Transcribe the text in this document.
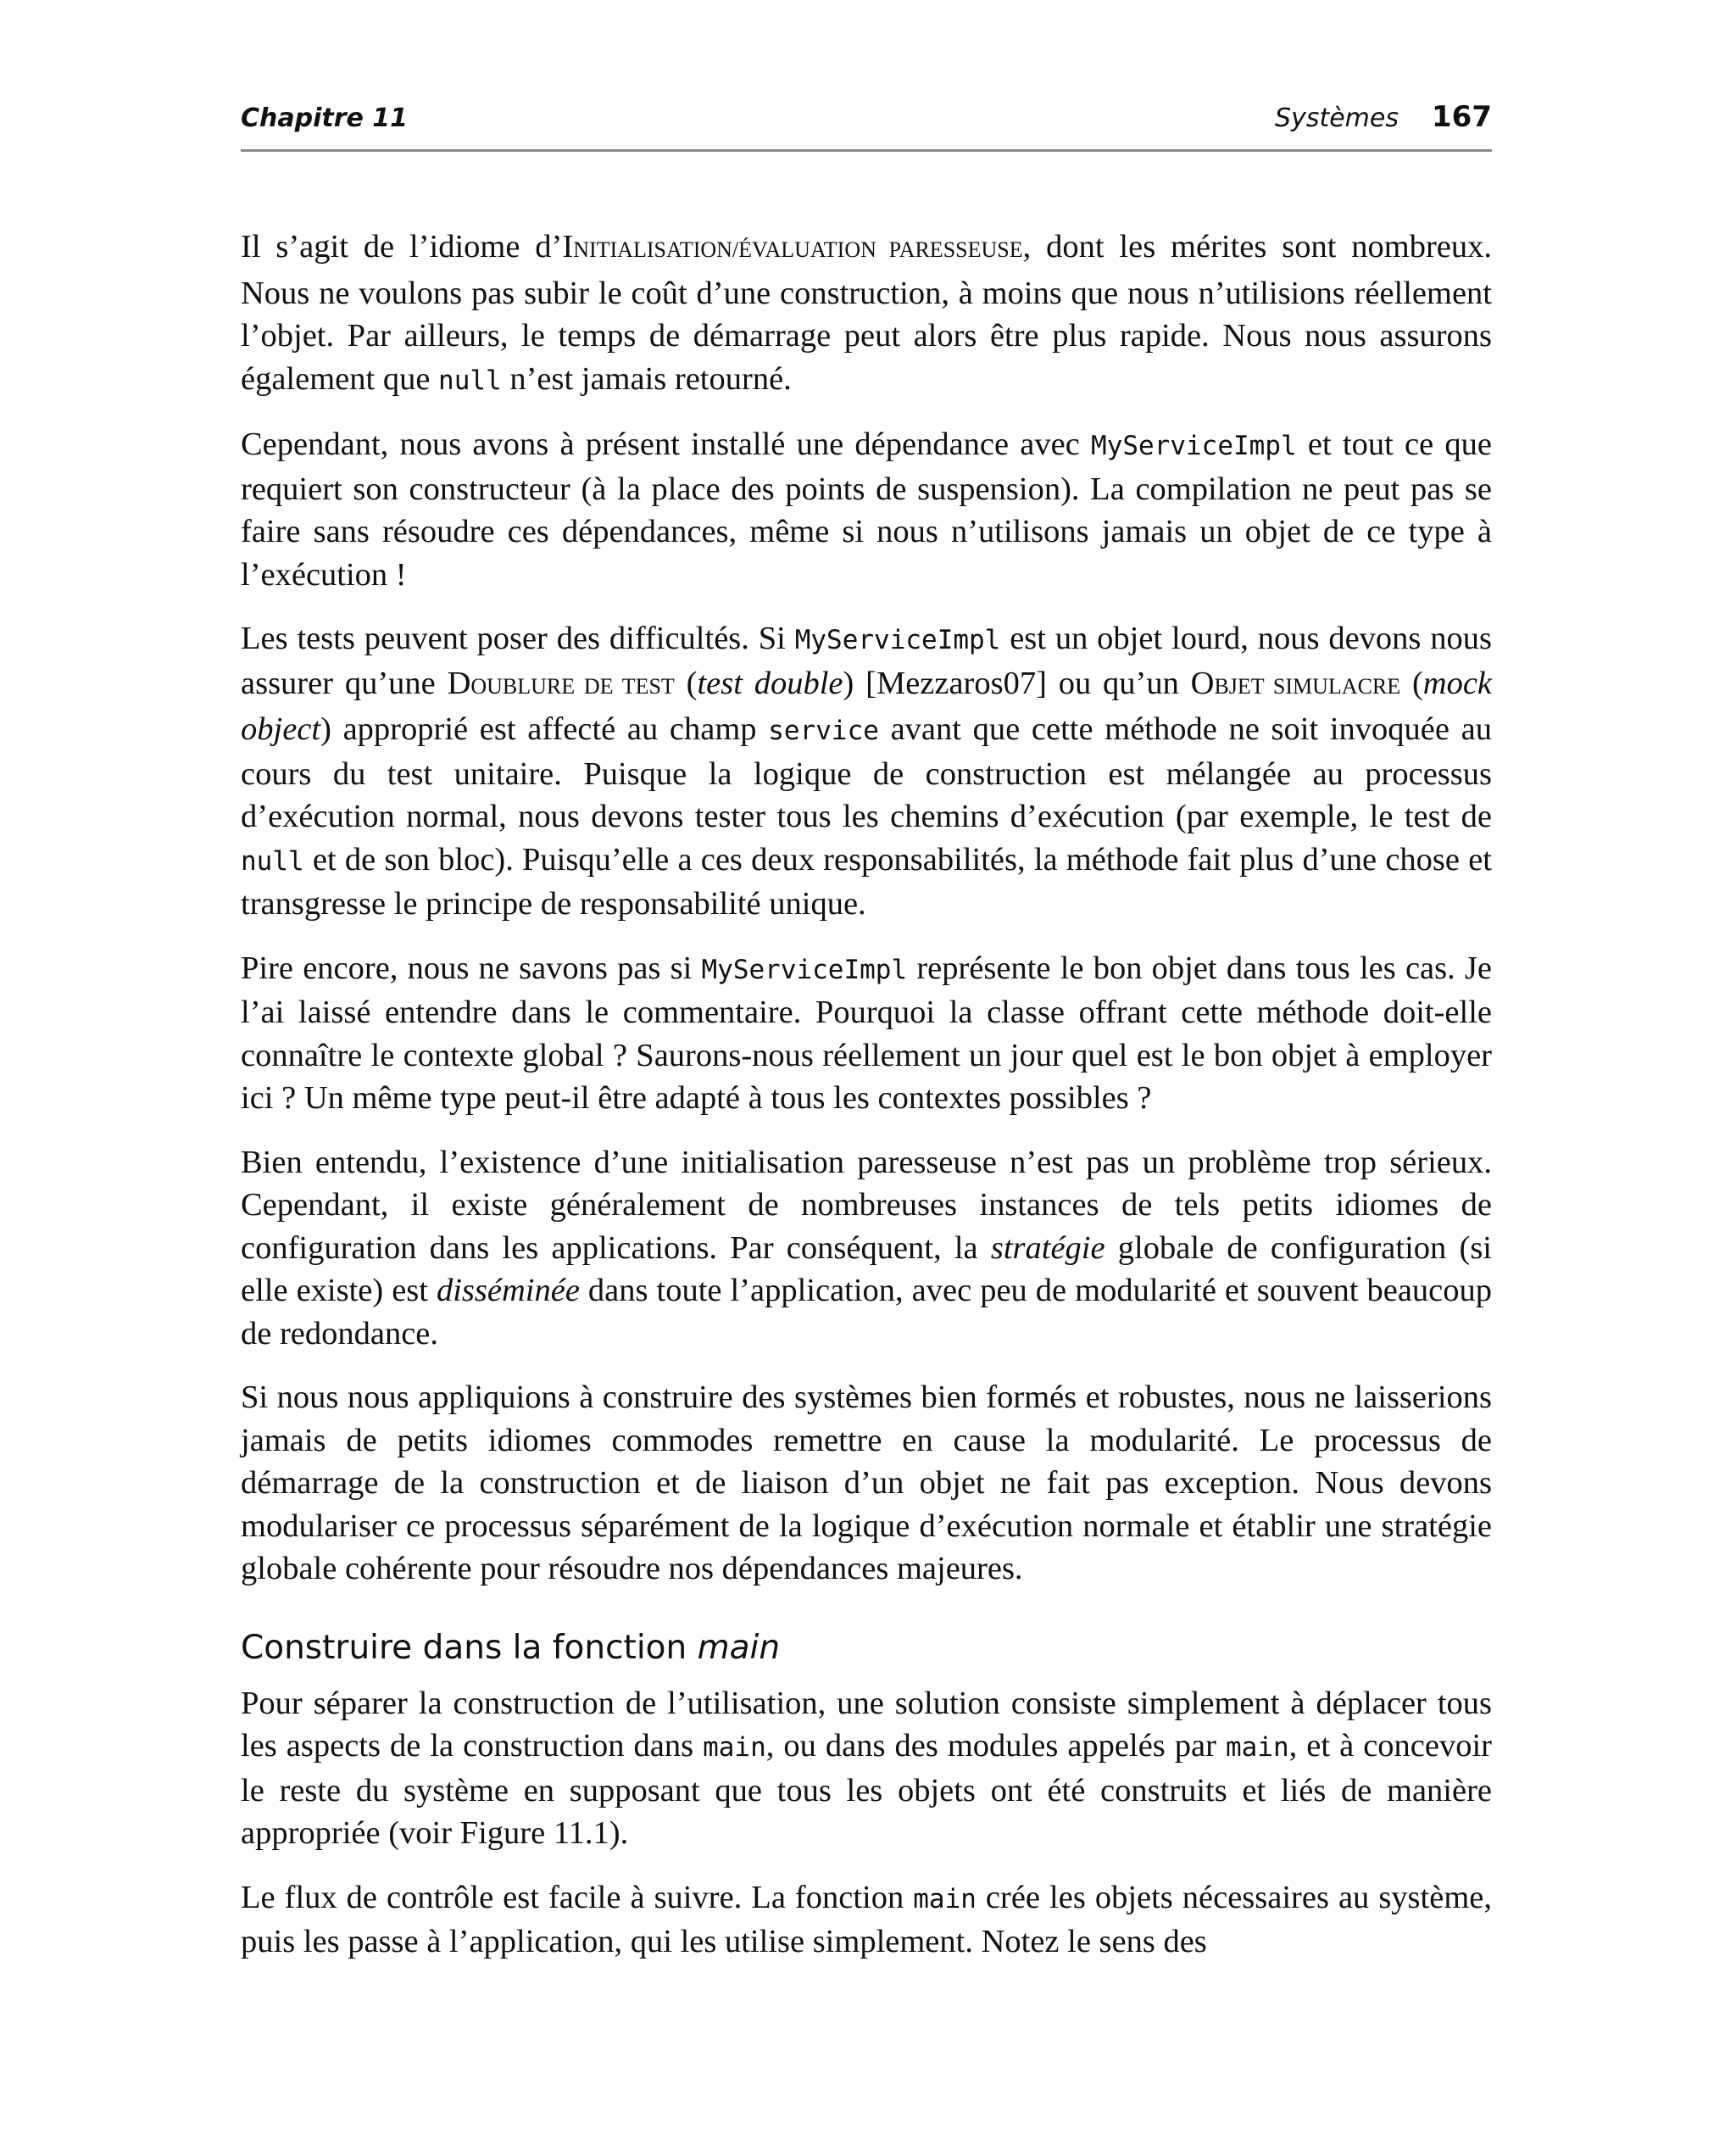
Chapitre 11	Systèmes 167

Il s’agit de l’idiome d’INITIALISATION/ÉVALUATION PARESSEUSE, dont les mérites sont nombreux. Nous ne voulons pas subir le coût d’une construction, à moins que nous n’utilisions réellement l’objet. Par ailleurs, le temps de démarrage peut alors être plus rapide. Nous nous assurons également que null n’est jamais retourné.

Cependant, nous avons à présent installé une dépendance avec MyServiceImpl et tout ce que requiert son constructeur (à la place des points de suspension). La compilation ne peut pas se faire sans résoudre ces dépendances, même si nous n’utilisons jamais un objet de ce type à l’exécution !

Les tests peuvent poser des difficultés. Si MyServiceImpl est un objet lourd, nous devons nous assurer qu’une DOUBLURE DE TEST (test double) [Mezzaros07] ou qu’un OBJET SIMULACRE (mock object) approprié est affecté au champ service avant que cette méthode ne soit invoquée au cours du test unitaire. Puisque la logique de construction est mélangée au processus d’exécution normal, nous devons tester tous les chemins d’exécution (par exemple, le test de null et de son bloc). Puisqu’elle a ces deux responsabilités, la méthode fait plus d’une chose et transgresse le principe de responsabilité unique.

Pire encore, nous ne savons pas si MyServiceImpl représente le bon objet dans tous les cas. Je l’ai laissé entendre dans le commentaire. Pourquoi la classe offrant cette méthode doit-elle connaître le contexte global ? Saurons-nous réellement un jour quel est le bon objet à employer ici ? Un même type peut-il être adapté à tous les contextes possibles ?

Bien entendu, l’existence d’une initialisation paresseuse n’est pas un problème trop sérieux. Cependant, il existe généralement de nombreuses instances de tels petits idiomes de configuration dans les applications. Par conséquent, la stratégie globale de configuration (si elle existe) est disséminée dans toute l’application, avec peu de modularité et souvent beaucoup de redondance.

Si nous nous appliquions à construire des systèmes bien formés et robustes, nous ne laisserions jamais de petits idiomes commodes remettre en cause la modularité. Le processus de démarrage de la construction et de liaison d’un objet ne fait pas exception. Nous devons modulariser ce processus séparément de la logique d’exécution normale et établir une stratégie globale cohérente pour résoudre nos dépendances majeures.

Construire dans la fonction main

Pour séparer la construction de l’utilisation, une solution consiste simplement à déplacer tous les aspects de la construction dans main, ou dans des modules appelés par main, et à concevoir le reste du système en supposant que tous les objets ont été construits et liés de manière appropriée (voir Figure 11.1).

Le flux de contrôle est facile à suivre. La fonction main crée les objets nécessaires au système, puis les passe à l’application, qui les utilise simplement. Notez le sens des
